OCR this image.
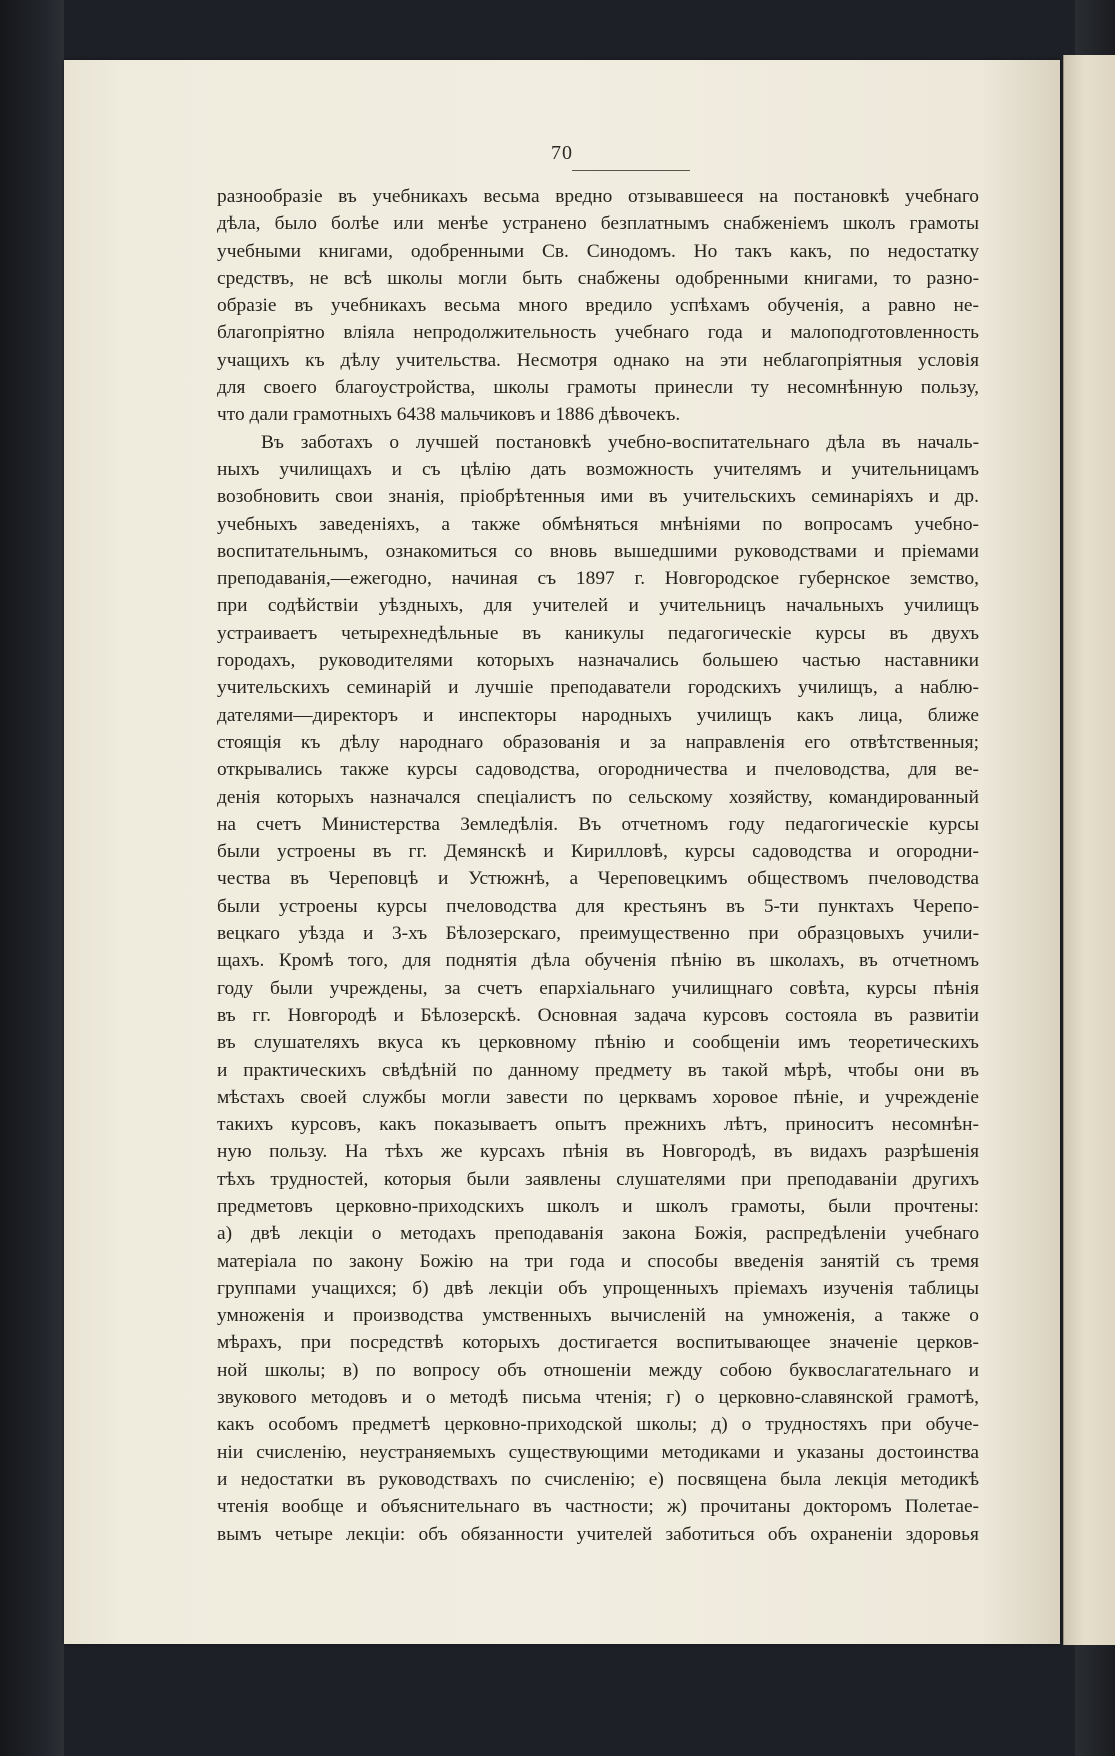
70
разнообразіе въ учебникахъ весьма вредно отзывавшееся на постановкѣ учебнаго
дѣла, было болѣе или менѣе устранено безплатнымъ снабженіемъ школъ грамоты
учебными книгами, одобренными Св. Синодомъ. Но такъ какъ, по недостатку
средствъ, не всѣ школы могли быть снабжены одобренными книгами, то разно-
образіе въ учебникахъ весьма много вредило успѣхамъ обученія, а равно не-
благопріятно вліяла непродолжительность учебнаго года и малоподготовленность
учащихъ къ дѣлу учительства. Несмотря однако на эти неблагопріятныя условія
для своего благоустройства, школы грамоты принесли ту несомнѣнную пользу,
что дали грамотныхъ 6438 мальчиковъ и 1886 дѣвочекъ.
Въ заботахъ о лучшей постановкѣ учебно-воспитательнаго дѣла въ началь-
ныхъ училищахъ и съ цѣлію дать возможность учителямъ и учительницамъ
возобновить свои знанія, пріобрѣтенныя ими въ учительскихъ семинаріяхъ и др.
учебныхъ заведеніяхъ, а также обмѣняться мнѣніями по вопросамъ учебно-
воспитательнымъ, ознакомиться со вновь вышедшими руководствами и пріемами
преподаванія,—ежегодно, начиная съ 1897 г. Новгородское губернское земство,
при содѣйствіи уѣздныхъ, для учителей и учительницъ начальныхъ училищъ
устраиваетъ четырехнедѣльные въ каникулы педагогическіе курсы въ двухъ
городахъ, руководителями которыхъ назначались большею частью наставники
учительскихъ семинарій и лучшіе преподаватели городскихъ училищъ, а наблю-
дателями—директоръ и инспекторы народныхъ училищъ какъ лица, ближе
стоящія къ дѣлу народнаго образованія и за направленія его отвѣтственныя;
открывались также курсы садоводства, огородничества и пчеловодства, для ве-
денія которыхъ назначался спеціалистъ по сельскому хозяйству, командированный
на счетъ Министерства Земледѣлія. Въ отчетномъ году педагогическіе курсы
были устроены въ гг. Демянскѣ и Кирилловѣ, курсы садоводства и огородни-
чества въ Череповцѣ и Устюжнѣ, а Череповецкимъ обществомъ пчеловодства
были устроены курсы пчеловодства для крестьянъ въ 5-ти пунктахъ Черепо-
вецкаго уѣзда и 3-хъ Бѣлозерскаго, преимущественно при образцовыхъ учили-
щахъ. Кромѣ того, для поднятія дѣла обученія пѣнію въ школахъ, въ отчетномъ
году были учреждены, за счетъ епархіальнаго училищнаго совѣта, курсы пѣнія
въ гг. Новгородѣ и Бѣлозерскѣ. Основная задача курсовъ состояла въ развитіи
въ слушателяхъ вкуса къ церковному пѣнію и сообщеніи имъ теоретическихъ
и практическихъ свѣдѣній по данному предмету въ такой мѣрѣ, чтобы они въ
мѣстахъ своей службы могли завести по церквамъ хоровое пѣніе, и учрежденіе
такихъ курсовъ, какъ показываетъ опытъ прежнихъ лѣтъ, приноситъ несомнѣн-
ную пользу. На тѣхъ же курсахъ пѣнія въ Новгородѣ, въ видахъ разрѣшенія
тѣхъ трудностей, которыя были заявлены слушателями при преподаваніи другихъ
предметовъ церковно-приходскихъ школъ и школъ грамоты, были прочтены:
а) двѣ лекціи о методахъ преподаванія закона Божія, распредѣленіи учебнаго
матеріала по закону Божію на три года и способы введенія занятій съ тремя
группами учащихся; б) двѣ лекціи объ упрощенныхъ пріемахъ изученія таблицы
умноженія и производства умственныхъ вычисленій на умноженія, а также о
мѣрахъ, при посредствѣ которыхъ достигается воспитывающее значеніе церков-
ной школы; в) по вопросу объ отношеніи между собою буквослагательнаго и
звукового методовъ и о методѣ письма чтенія; г) о церковно-славянской грамотѣ,
какъ особомъ предметѣ церковно-приходской школы; д) о трудностяхъ при обуче-
ніи счисленію, неустраняемыхъ существующими методиками и указаны достоинства
и недостатки въ руководствахъ по счисленію; е) посвящена была лекція методикѣ
чтенія вообще и объяснительнаго въ частности; ж) прочитаны докторомъ Полетае-
вымъ четыре лекціи: объ обязанности учителей заботиться объ охраненіи здоровья
